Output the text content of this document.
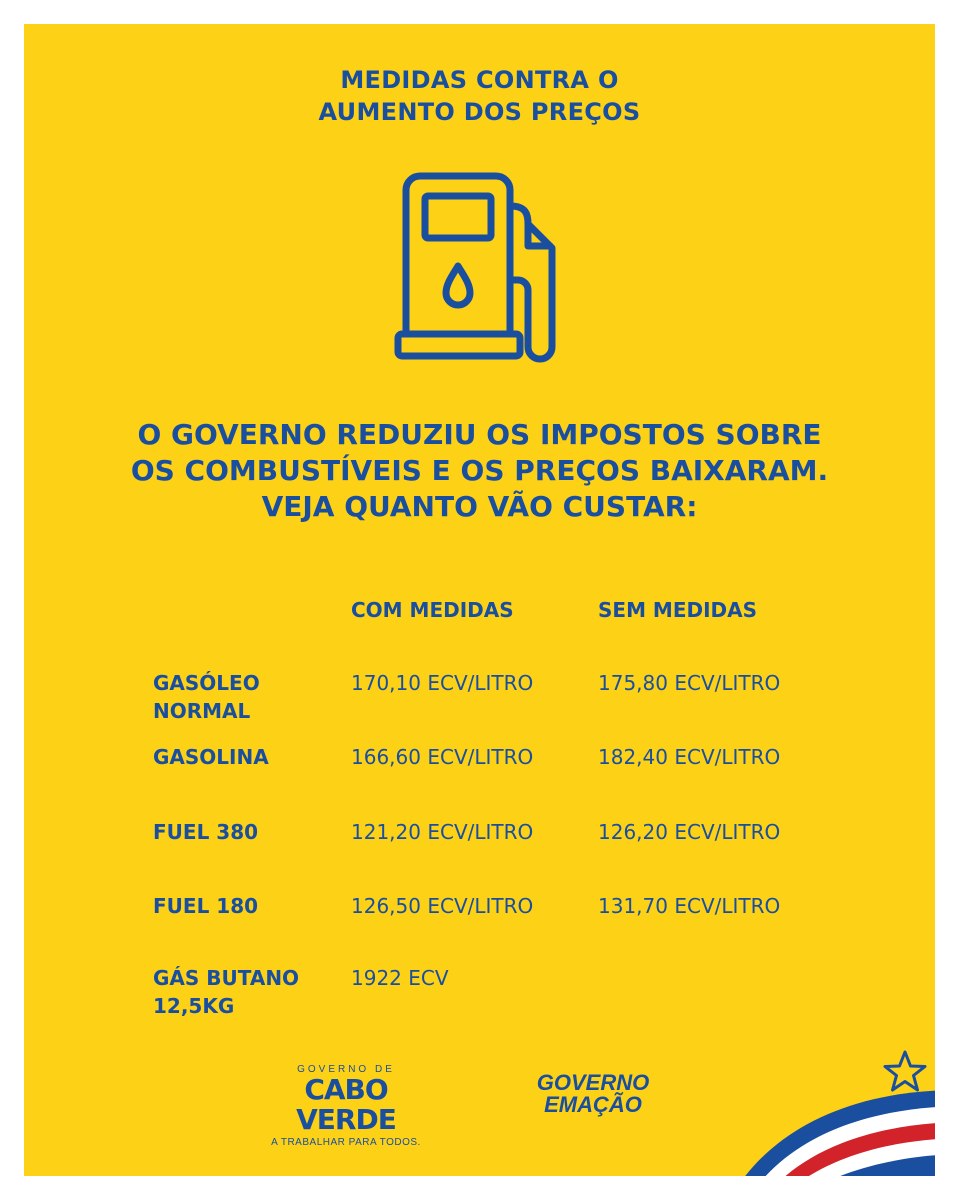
MEDIDAS CONTRA O
AUMENTO DOS PREÇOS
O GOVERNO REDUZIU OS IMPOSTOS SOBRE
OS COMBUSTÍVEIS E OS PREÇOS BAIXARAM.
VEJA QUANTO VÃO CUSTAR:
COM MEDIDAS	SEM MEDIDAS
GASÓLEO
NORMAL
170,10 ECV/LITRO	175,80 ECV/LITRO
GASOLINA	166,60 ECV/LITRO	182,40 ECV/LITRO
FUEL 380	121,20 ECV/LITRO	126,20 ECV/LITRO
FUEL 180	126,50 ECV/LITRO	131,70 ECV/LITRO
GÁS BUTANO
12,5KG
1922 ECV
GOVERNO DE
CABO VERDE
A TRABALHAR PARA TODOS.
GOVERNO
EMAÇÃO
